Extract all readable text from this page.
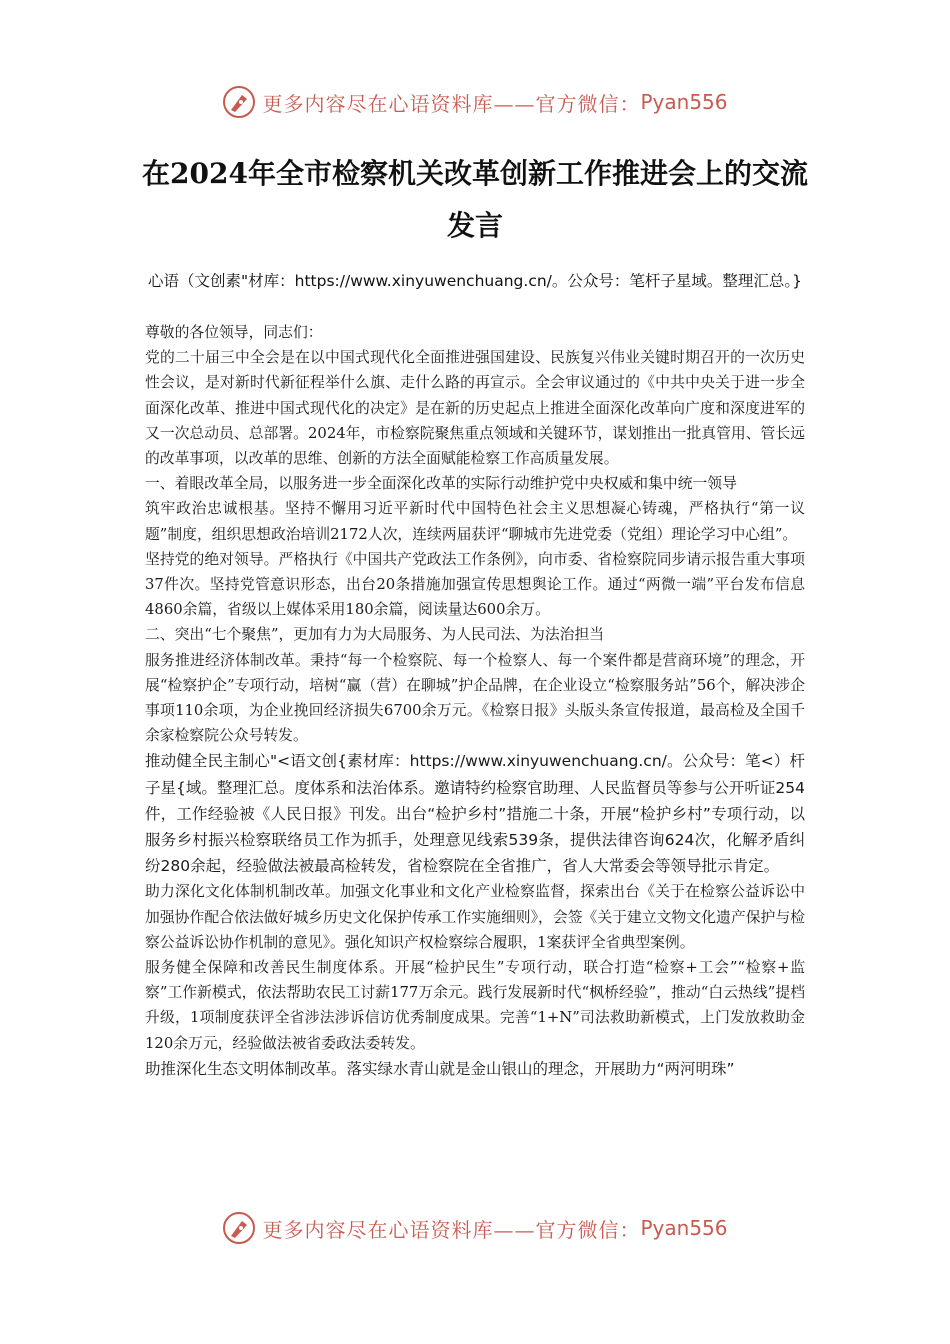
更多内容尽在心语资料库——官方微信： Pyan556
在2024年全市检察机关改革创新工作推进会上的交流发言
心语（文创素"材库：https://www.xinyuwenchuang.cn/。公众号：笔杆子星域。整理汇总。}

尊敬的各位领导，同志们：

党的二十届三中全会是在以中国式现代化全面推进强国建设、民族复兴伟业关键时期召开的一次历史性会议，是对新时代新征程举什么旗、走什么路的再宣示。全会审议通过的《中共中央关于进一步全面深化改革、推进中国式现代化的决定》是在新的历史起点上推进全面深化改革向广度和深度进军的又一次总动员、总部署。2024年，市检察院聚焦重点领域和关键环节，谋划推出一批真管用、管长远的改革事项，以改革的思维、创新的方法全面赋能检察工作高质量发展。

一、着眼改革全局，以服务进一步全面深化改革的实际行动维护党中央权威和集中统一领导

筑牢政治忠诚根基。坚持不懈用习近平新时代中国特色社会主义思想凝心铸魂，严格执行“第一议题”制度，组织思想政治培训2172人次，连续两届获评“聊城市先进党委（党组）理论学习中心组”。

坚持党的绝对领导。严格执行《中国共产党政法工作条例》，向市委、省检察院同步请示报告重大事项37件次。坚持党管意识形态，出台20条措施加强宣传思想舆论工作。通过“两微一端”平台发布信息4860余篇，省级以上媒体采用180余篇，阅读量达600余万。

二、突出“七个聚焦”，更加有力为大局服务、为人民司法、为法治担当

服务推进经济体制改革。秉持“每一个检察院、每一个检察人、每一个案件都是营商环境”的理念，开展“检察护企”专项行动，培树“赢（营）在聊城”护企品牌，在企业设立“检察服务站”56个，解决涉企事项110余项，为企业挽回经济损失6700余万元。《检察日报》头版头条宣传报道，最高检及全国千余家检察院公众号转发。

推动健全民主制心"<语文创{素材库：https://www.xinyuwenchuang.cn/。公众号：笔<）杆子星{域。整理汇总。度体系和法治体系。邀请特约检察官助理、人民监督员等参与公开听证254件，工作经验被《人民日报》刊发。出台“检护乡村”措施二十条，开展“检护乡村”专项行动，以服务乡村振兴检察联络员工作为抓手，处理意见线索539条，提供法律咨询624次，化解矛盾纠纷280余起，经验做法被最高检转发，省检察院在全省推广，省人大常委会等领导批示肯定。

助力深化文化体制机制改革。加强文化事业和文化产业检察监督，探索出台《关于在检察公益诉讼中加强协作配合依法做好城乡历史文化保护传承工作实施细则》，会签《关于建立文物文化遗产保护与检察公益诉讼协作机制的意见》。强化知识产权检察综合履职，1案获评全省典型案例。

服务健全保障和改善民生制度体系。开展“检护民生”专项行动，联合打造“检察+工会”“检察+监察”工作新模式，依法帮助农民工讨薪177万余元。践行发展新时代“枫桥经验”，推动“白云热线”提档升级，1项制度获评全省涉法涉诉信访优秀制度成果。完善“1+N”司法救助新模式，上门发放救助金120余万元，经验做法被省委政法委转发。

助推深化生态文明体制改革。落实绿水青山就是金山银山的理念，开展助力“两河明珠”

更多内容尽在心语资料库——官方微信： Pyan556
